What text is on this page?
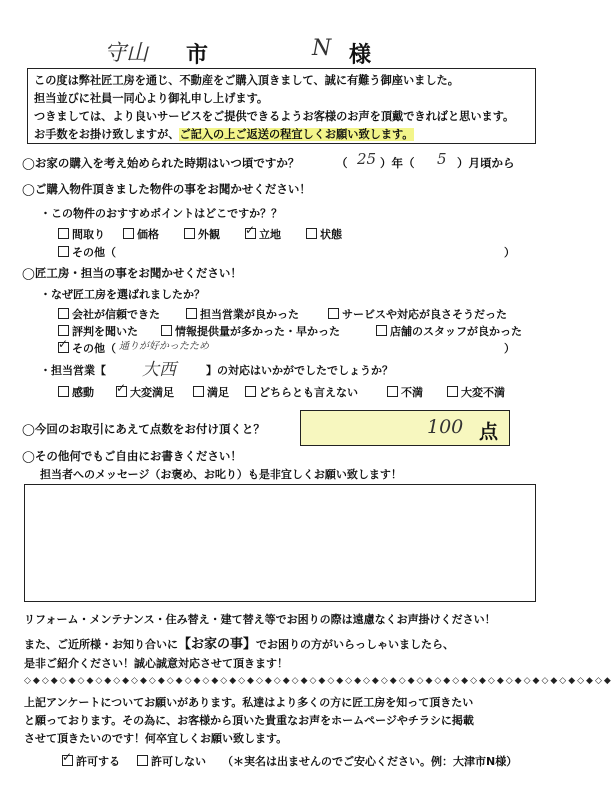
守山 市	N 様
この度は弊社匠工房を通じ、不動産をご購入頂きまして、誠に有難う御座いました。
担当並びに社員一同心より御礼申し上げます。
つきましては、より良いサービスをご提供できるようお客様のお声を頂戴できればと思います。
お手数をお掛け致しますが、ご記入の上ご返送の程宜しくお願い致します。
◯お家の購入を考え始められた時期はいつ頃ですか？	（ 25 ）年（ 5 ）月頃から
◯ご購入物件頂きました物件の事をお聞かせください！
・この物件のおすすめポイントはどこですか？？
間取り	価格	外観 ✓	立地	状態
その他（	）
◯匠工房・担当の事をお聞かせください！
・なぜ匠工房を選ばれましたか？
会社が信頼できた	担当営業が良かった	サービスや対応が良さそうだった
評判を聞いた	情報提供量が多かった・早かった	店舗のスタッフが良かった
✓その他（ 通りが好かったため	）
・担当営業【 大西	】の対応はいかがでしたでしょうか？
感動 ✓	大変満足	満足	どちらとも言えない	不満	大変不満
◯今回のお取引にあえて点数をお付け頂くと？	100 点
◯その他何でもご自由にお書きください！
担当者へのメッセージ（お褒め、お叱り）も是非宜しくお願い致します！
リフォーム・メンテナンス・住み替え・建て替え等でお困りの際は遠慮なくお声掛けください！
また、ご近所様・お知り合いに【お家の事】でお困りの方がいらっしゃいましたら、
是非ご紹介ください！誠心誠意対応させて頂きます！
◇◆◇◆◇◆◇◆◇◆◇◆◇◆◇◆◇◆◇◆◇◆◇◆◇◆◇◆◇◆◇◆◇◆◇◆◇◆◇◆◇◆◇◆◇◆◇◆◇◆◇◆◇◆◇◆◇◆◇◆◇◆◇◆◇◆
上記アンケートについてお願いがあります。私達はより多くの方に匠工房を知って頂きたい
と願っております。その為に、お客様から頂いた貴重なお声をホームページやチラシに掲載
させて頂きたいのです！何卒宜しくお願い致します。
✓許可する	許可しない （＊実名は出ませんのでご安心ください。例：大津市N様）
